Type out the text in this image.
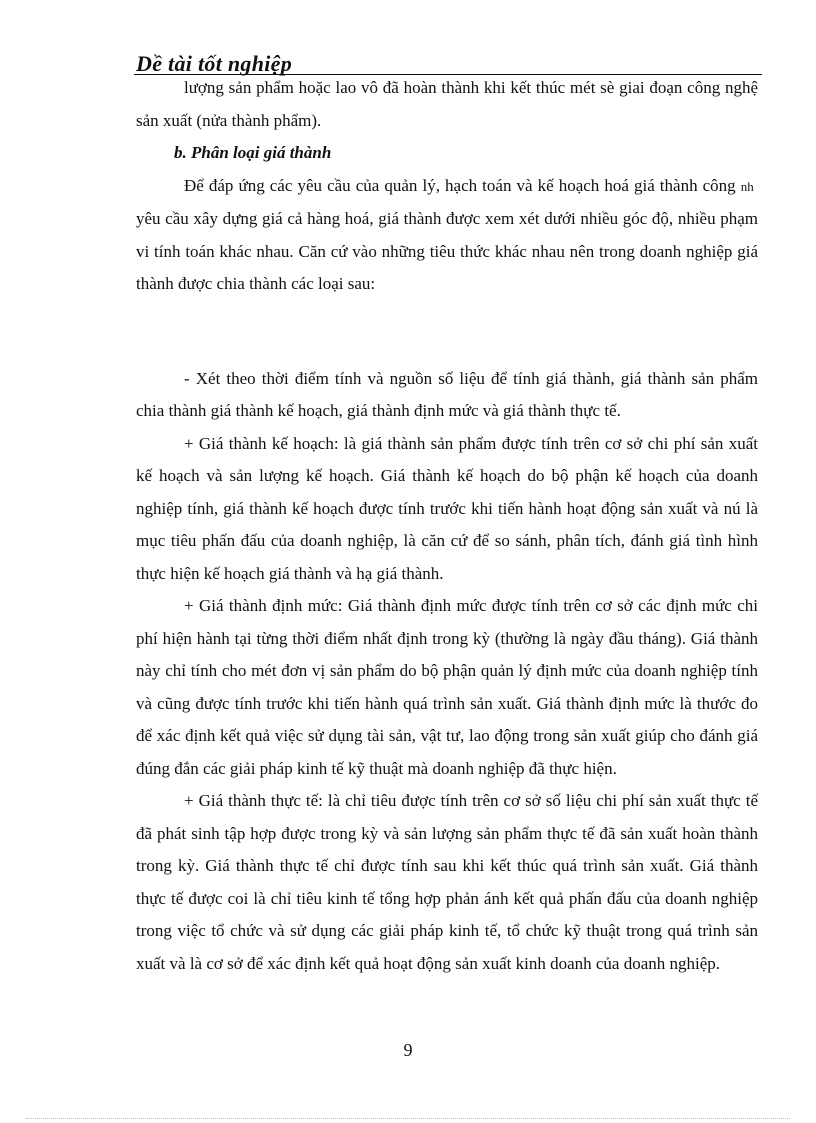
Dề tài tốt nghiệp

lượng sản phẩm hoặc lao vô đã hoàn thành khi kết thúc mét sè giai đoạn công nghệ sản xuất (nửa thành phẩm).

b. Phân loại giá thành

Để đáp ứng các yêu cầu của quản lý, hạch toán và kế hoạch hoá giá thành công nh  yêu cầu xây dựng giá cả hàng hoá, giá thành được xem xét dưới nhiều góc độ, nhiều phạm vi tính toán khác nhau. Căn cứ vào những tiêu thức khác nhau nên trong doanh nghiệp giá thành được chia thành các loại sau:

- Xét theo thời điểm tính và nguồn số liệu để tính giá thành, giá thành sản phẩm chia thành giá thành kế hoạch, giá thành định mức và giá thành thực tế.

+ Giá thành kế hoạch: là giá thành sản phẩm được tính trên cơ sở chi phí sản xuất kế hoạch và sản lượng kế hoạch. Giá thành kế hoạch do bộ phận kế hoạch của doanh nghiệp tính, giá thành kế hoạch được tính trước khi tiến hành hoạt động sản xuất và nú là mục tiêu phấn đấu của doanh nghiệp, là căn cứ để so sánh, phân tích, đánh giá tình hình thực hiện kế hoạch giá thành và hạ giá thành.

+ Giá thành định mức: Giá thành định mức được tính trên cơ sở các định mức chi phí hiện hành tại từng thời điểm nhất định trong kỳ (thường là ngày đầu tháng). Giá thành này chỉ tính cho mét đơn vị sản phẩm do bộ phận quản lý định mức của doanh nghiệp tính và cũng được tính trước khi tiến hành quá trình sản xuất. Giá thành định mức là thước đo để xác định kết quả việc sử dụng tài sản, vật tư, lao động trong sản xuất giúp cho đánh giá đúng đắn các giải pháp kinh tế kỹ thuật mà doanh nghiệp đã thực hiện.

+ Giá thành thực tế: là chỉ tiêu được tính trên cơ sở số liệu chi phí sản xuất thực tế đã phát sinh tập hợp được trong kỳ và sản lượng sản phẩm thực tế đã sản xuất hoàn thành trong kỳ. Giá thành thực tế chỉ được tính sau khi kết thúc quá trình sản xuất. Giá thành thực tế được coi là chỉ tiêu kinh tế tổng hợp phản ánh kết quả phấn đấu của doanh nghiệp trong việc tổ chức và sử dụng các giải pháp kinh tế, tổ chức kỹ thuật trong quá trình sản xuất và là cơ sở để xác định kết quả hoạt động sản xuất kinh doanh của doanh nghiệp.

9
